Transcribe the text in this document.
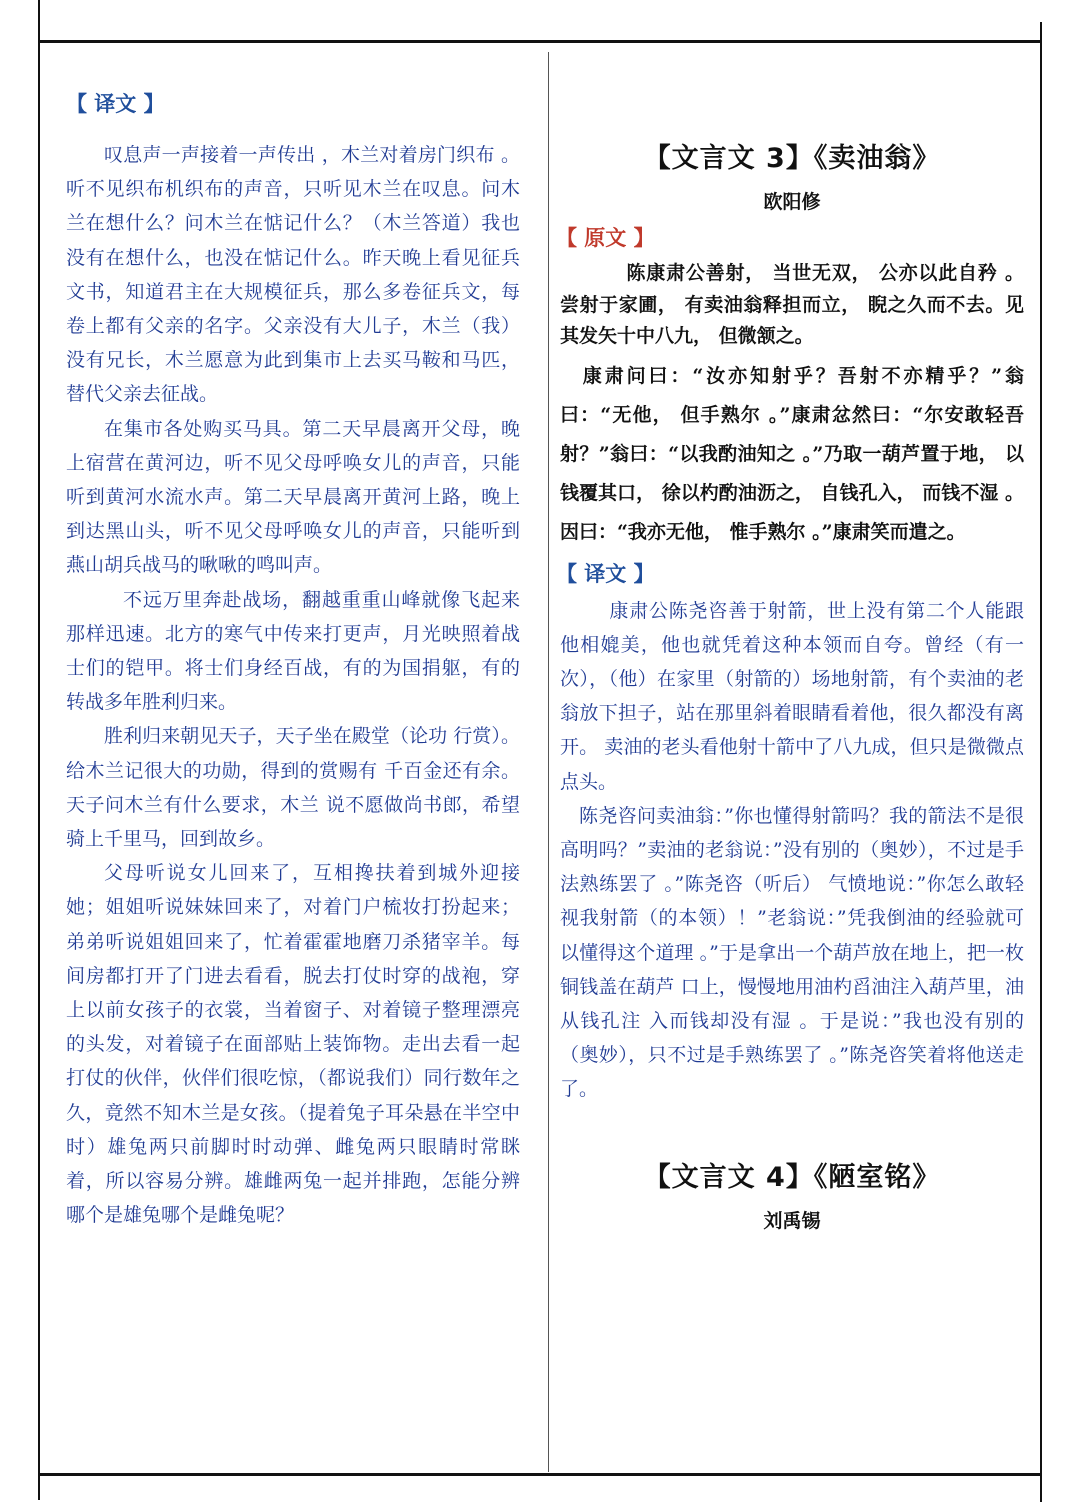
【 译文 】

叹息声一声接着一声传出 ，木兰对着房门织布 。听不见织布机织布的声音，只听见木兰在叹息。问木兰在想什么？问木兰在惦记什么？（木兰答道）我也没有在想什么，也没在惦记什么。昨天晚上看见征兵文书，知道君主在大规模征兵，那么多卷征兵文，每卷上都有父亲的名字。父亲没有大儿子，木兰（我） 没有兄长，木兰愿意为此到集市上去买马鞍和马匹，替代父亲去征战。

在集市各处购买马具。第二天早晨离开父母，晚上宿营在黄河边，听不见父母呼唤女儿的声音，只能听到黄河水流水声。第二天早晨离开黄河上路，晚上到达黑山头，听不见父母呼唤女儿的声音，只能听到燕山胡兵战马的啾啾的鸣叫声。

不远万里奔赴战场，翻越重重山峰就像飞起来那样迅速。北方的寒气中传来打更声，月光映照着战士们的铠甲。将士们身经百战，有的为国捐躯，有的转战多年胜利归来。

胜利归来朝见天子，天子坐在殿堂（论功 行赏）。给木兰记很大的功勋，得到的赏赐有 千百金还有余。天子问木兰有什么要求，木兰 说不愿做尚书郎，希望骑上千里马，回到故乡。

父母听说女儿回来了，互相搀扶着到城外迎接她；姐姐听说妹妹回来了，对着门户梳妆打扮起来；弟弟听说姐姐回来了，忙着霍霍地磨刀杀猪宰羊。每间房都打开了门进去看看，脱去打仗时穿的战袍，穿上以前女孩子的衣裳，当着窗子、对着镜子整理漂亮的头发，对着镜子在面部贴上装饰物。走出去看一起打仗的伙伴，伙伴们很吃惊，（都说我们）同行数年之久，竟然不知木兰是女孩。（提着兔子耳朵悬在半空中时）雄兔两只前脚时时动弹、雌兔两只眼睛时常眯着，所以容易分辨。雄雌两兔一起并排跑，怎能分辨哪个是雄兔哪个是雌兔呢？

【文言文 3】《卖油翁》
欧阳修
【 原文 】

陈康肃公善射， 当世无双， 公亦以此自矜 。尝射于家圃， 有卖油翁释担而立， 睨之久而不去。见其发矢十中八九， 但微颔之。

康肃问曰：“汝亦知射乎？吾射不亦精乎？”翁 曰：“无他， 但手熟尔 。”康肃忿然曰：“尔安敢轻吾射？”翁曰：“以我酌油知之 。”乃取一葫芦置于地， 以钱覆其口， 徐以杓酌油沥之， 自钱孔入， 而钱不湿 。因曰：“我亦无他， 惟手熟尔 。”康肃笑而遣之。

【 译文 】

康肃公陈尧咨善于射箭，世上没有第二个人能跟他相媲美，他也就凭着这种本领而自夸。曾经（有一次），（他）在家里（射箭的）场地射箭，有个卖油的老翁放下担子，站在那里斜着眼睛看着他，很久都没有离开。 卖油的老头看他射十箭中了八九成，但只是微微点点头。

陈尧咨问卖油翁：”你也懂得射箭吗？我的箭法不是很高明吗？”卖油的老翁说：”没有别的（奥妙），不过是手法熟练罢了 。”陈尧咨（听后） 气愤地说：”你怎么敢轻视我射箭（的本领）！”老翁说：”凭我倒油的经验就可以懂得这个道理 。”于是拿出一个葫芦放在地上，把一枚铜钱盖在葫芦 口上，慢慢地用油杓舀油注入葫芦里，油从钱孔注 入而钱却没有湿 。于是说：”我也没有别的（奥妙），只不过是手熟练罢了 。”陈尧咨笑着将他送走了。

【文言文 4】《陋室铭》
刘禹锡
